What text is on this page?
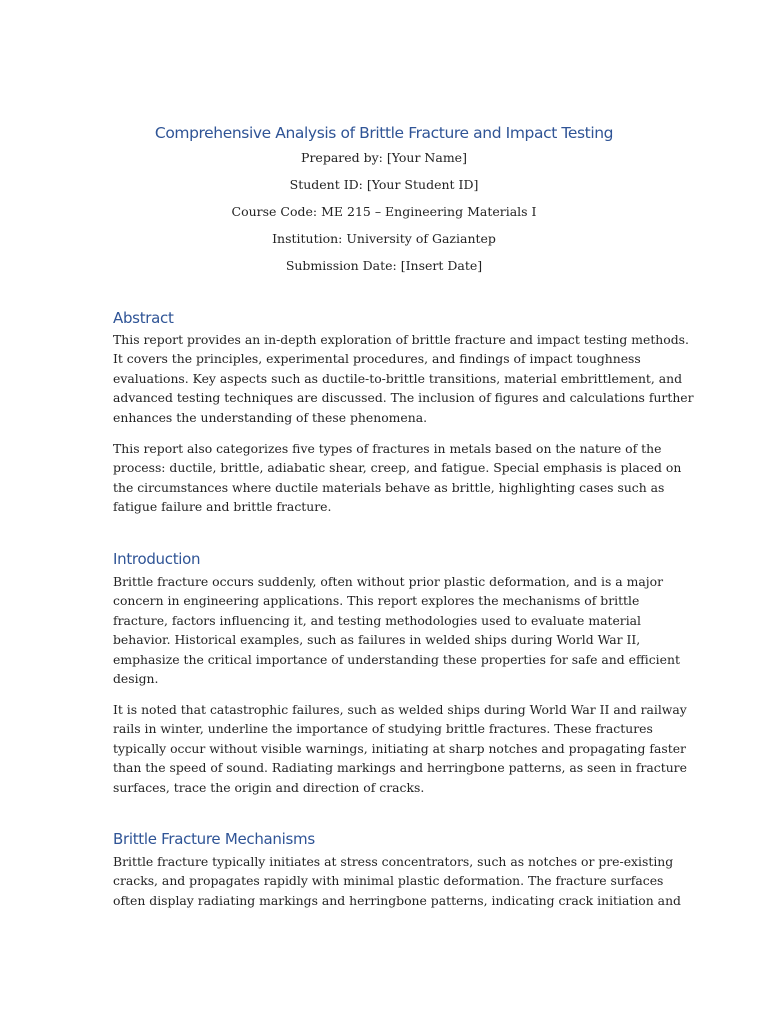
Comprehensive Analysis of Brittle Fracture and Impact Testing
Prepared by: [Your Name]
Student ID: [Your Student ID]
Course Code: ME 215 – Engineering Materials I
Institution: University of Gaziantep
Submission Date: [Insert Date]
Abstract
This report provides an in-depth exploration of brittle fracture and impact testing methods.
It covers the principles, experimental procedures, and findings of impact toughness
evaluations. Key aspects such as ductile-to-brittle transitions, material embrittlement, and
advanced testing techniques are discussed. The inclusion of figures and calculations further
enhances the understanding of these phenomena.
This report also categorizes five types of fractures in metals based on the nature of the
process: ductile, brittle, adiabatic shear, creep, and fatigue. Special emphasis is placed on
the circumstances where ductile materials behave as brittle, highlighting cases such as
fatigue failure and brittle fracture.
Introduction
Brittle fracture occurs suddenly, often without prior plastic deformation, and is a major
concern in engineering applications. This report explores the mechanisms of brittle
fracture, factors influencing it, and testing methodologies used to evaluate material
behavior. Historical examples, such as failures in welded ships during World War II,
emphasize the critical importance of understanding these properties for safe and efficient
design.
It is noted that catastrophic failures, such as welded ships during World War II and railway
rails in winter, underline the importance of studying brittle fractures. These fractures
typically occur without visible warnings, initiating at sharp notches and propagating faster
than the speed of sound. Radiating markings and herringbone patterns, as seen in fracture
surfaces, trace the origin and direction of cracks.
Brittle Fracture Mechanisms
Brittle fracture typically initiates at stress concentrators, such as notches or pre-existing
cracks, and propagates rapidly with minimal plastic deformation. The fracture surfaces
often display radiating markings and herringbone patterns, indicating crack initiation and
